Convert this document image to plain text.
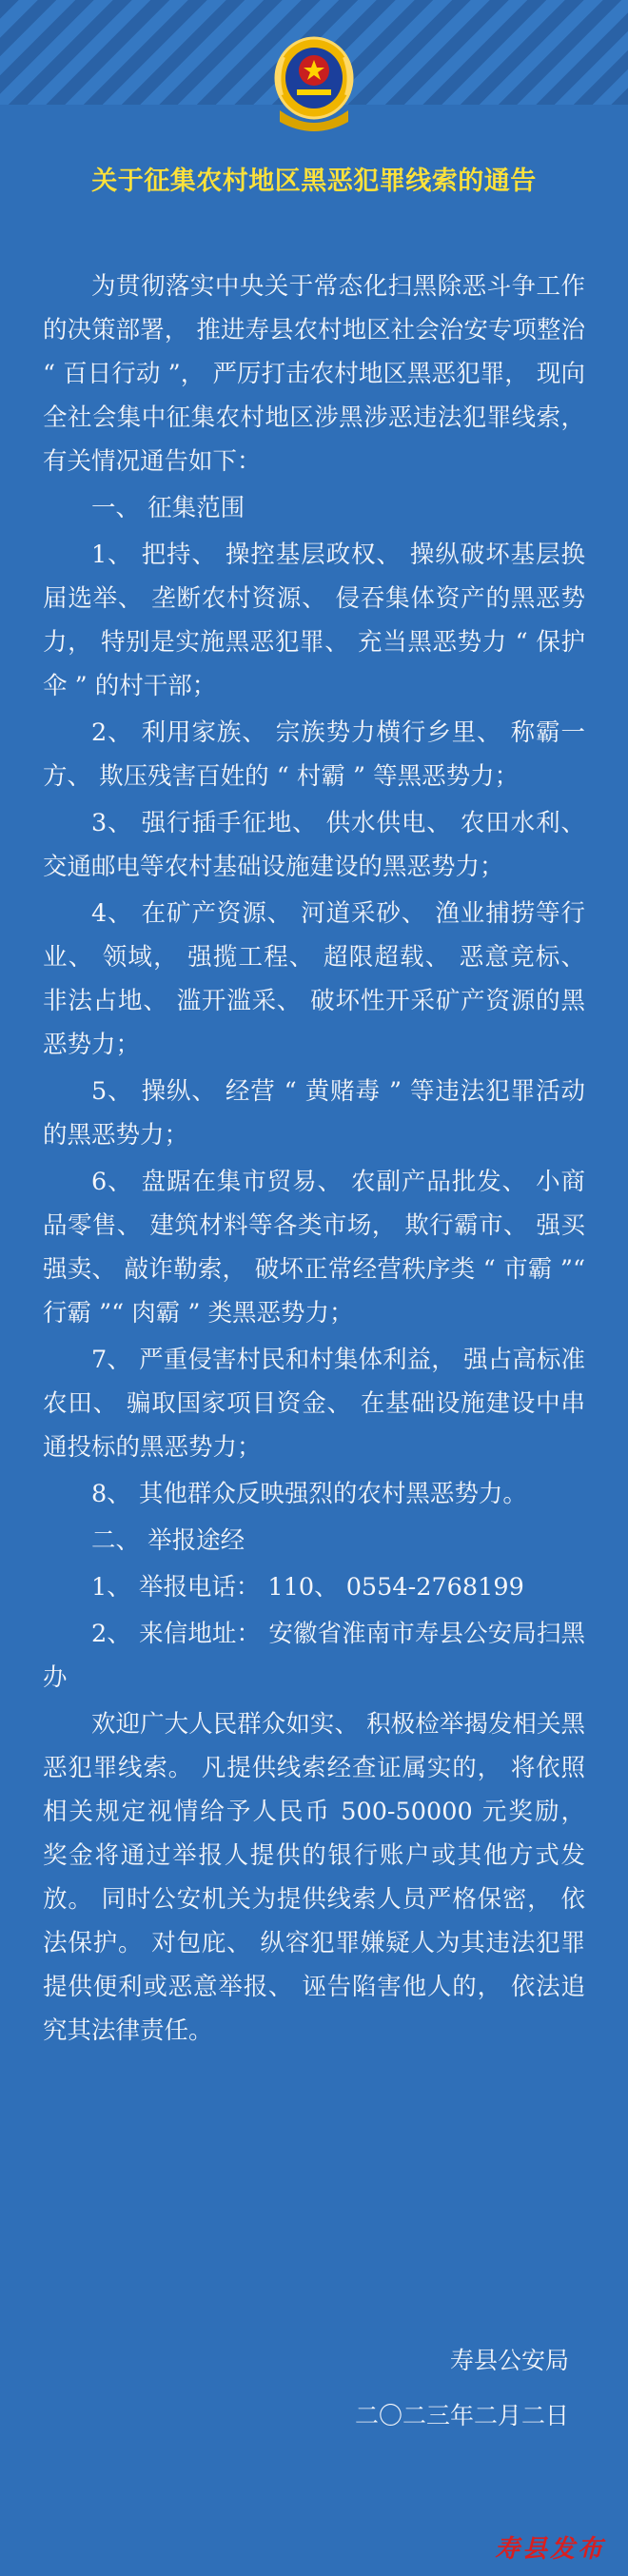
关于征集农村地区黑恶犯罪线索的通告

为贯彻落实中央关于常态化扫黑除恶斗争工作的决策部署， 推进寿县农村地区社会治安专项整治 “ 百日行动 ”， 严厉打击农村地区黑恶犯罪， 现向全社会集中征集农村地区涉黑涉恶违法犯罪线索， 有关情况通告如下：

一、 征集范围

1、 把持、 操控基层政权、 操纵破坏基层换届选举、 垄断农村资源、 侵吞集体资产的黑恶势力， 特别是实施黑恶犯罪、 充当黑恶势力 “ 保护伞 ” 的村干部；

2、 利用家族、 宗族势力横行乡里、 称霸一方、 欺压残害百姓的 “ 村霸 ” 等黑恶势力；

3、 强行插手征地、 供水供电、 农田水利、 交通邮电等农村基础设施建设的黑恶势力；

4、 在矿产资源、 河道采砂、 渔业捕捞等行业、 领域， 强揽工程、 超限超载、 恶意竞标、 非法占地、 滥开滥采、 破坏性开采矿产资源的黑恶势力；

5、 操纵、 经营 “ 黄赌毒 ” 等违法犯罪活动的黑恶势力；

6、 盘踞在集市贸易、 农副产品批发、 小商品零售、 建筑材料等各类市场， 欺行霸市、 强买强卖、 敲诈勒索， 破坏正常经营秩序类 “ 市霸 ”“ 行霸 ”“ 肉霸 ” 类黑恶势力；

7、 严重侵害村民和村集体利益， 强占高标准农田、 骗取国家项目资金、 在基础设施建设中串通投标的黑恶势力；

8、 其他群众反映强烈的农村黑恶势力。

二、 举报途经

1、 举报电话： 110、 0554-2768199

2、 来信地址： 安徽省淮南市寿县公安局扫黑办

欢迎广大人民群众如实、 积极检举揭发相关黑恶犯罪线索。 凡提供线索经查证属实的， 将依照相关规定视情给予人民币 500-50000 元奖励， 奖金将通过举报人提供的银行账户或其他方式发放。 同时公安机关为提供线索人员严格保密， 依法保护。 对包庇、 纵容犯罪嫌疑人为其违法犯罪提供便利或恶意举报、 诬告陷害他人的， 依法追究其法律责任。

寿县公安局
二〇二三年二月二日
寿县发布
